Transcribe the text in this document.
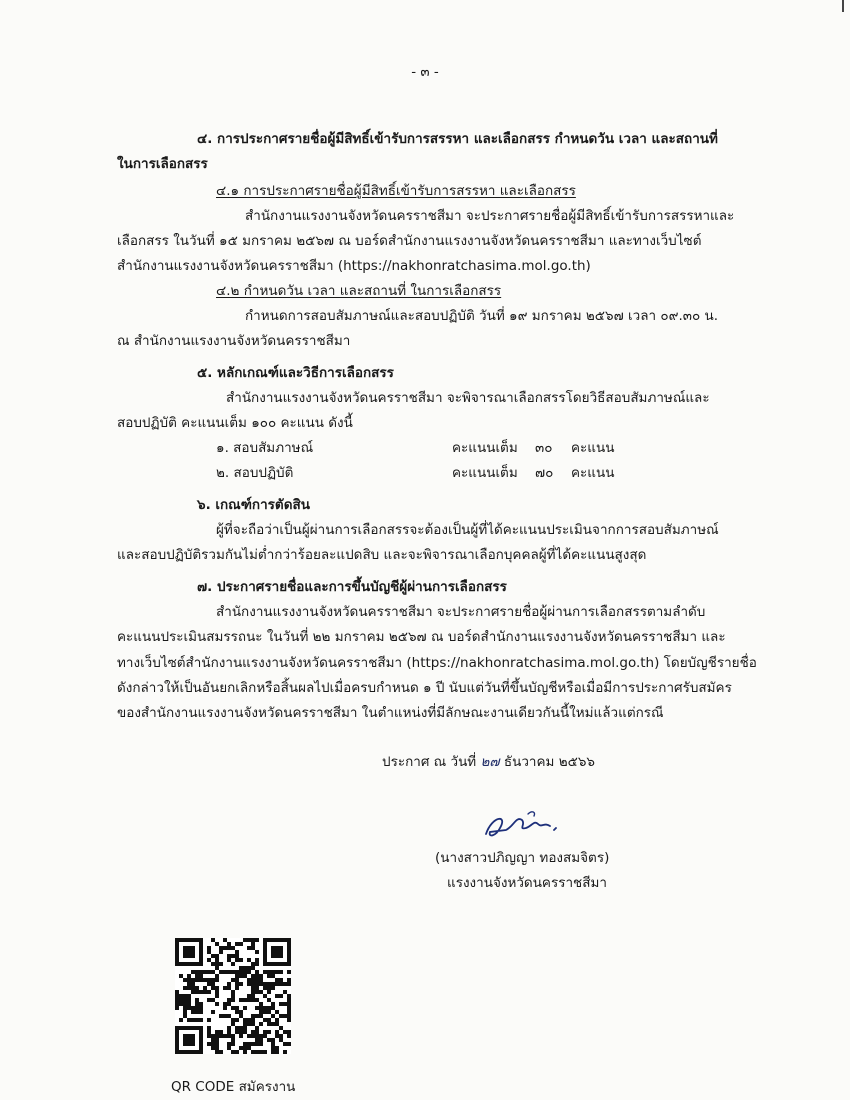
- ๓ -
๔. การประกาศรายชื่อผู้มีสิทธิ์เข้ารับการสรรหา และเลือกสรร กำหนดวัน เวลา และสถานที่
ในการเลือกสรร
๔.๑ การประกาศรายชื่อผู้มีสิทธิ์เข้ารับการสรรหา และเลือกสรร
สำนักงานแรงงานจังหวัดนครราชสีมา จะประกาศรายชื่อผู้มีสิทธิ์เข้ารับการสรรหาและ
เลือกสรร ในวันที่ ๑๕ มกราคม ๒๕๖๗ ณ บอร์ดสำนักงานแรงงานจังหวัดนครราชสีมา และทางเว็บไซต์
สำนักงานแรงงานจังหวัดนครราชสีมา (https://nakhonratchasima.mol.go.th)
๔.๒ กำหนดวัน เวลา และสถานที่ ในการเลือกสรร
กำหนดการสอบสัมภาษณ์และสอบปฏิบัติ วันที่ ๑๙ มกราคม ๒๕๖๗ เวลา ๐๙.๓๐ น.
ณ สำนักงานแรงงานจังหวัดนครราชสีมา
๕. หลักเกณฑ์และวิธีการเลือกสรร
สำนักงานแรงงานจังหวัดนครราชสีมา จะพิจารณาเลือกสรรโดยวิธีสอบสัมภาษณ์และ
สอบปฏิบัติ คะแนนเต็ม ๑๐๐ คะแนน ดังนี้
๑. สอบสัมภาษณ์	คะแนนเต็ม ๓๐ คะแนน
๒. สอบปฏิบัติ	คะแนนเต็ม ๗๐ คะแนน
๖. เกณฑ์การตัดสิน
ผู้ที่จะถือว่าเป็นผู้ผ่านการเลือกสรรจะต้องเป็นผู้ที่ได้คะแนนประเมินจากการสอบสัมภาษณ์
และสอบปฏิบัติรวมกันไม่ต่ำกว่าร้อยละแปดสิบ และจะพิจารณาเลือกบุคคลผู้ที่ได้คะแนนสูงสุด
๗. ประกาศรายชื่อและการขึ้นบัญชีผู้ผ่านการเลือกสรร
สำนักงานแรงงานจังหวัดนครราชสีมา จะประกาศรายชื่อผู้ผ่านการเลือกสรรตามลำดับ
คะแนนประเมินสมรรถนะ ในวันที่ ๒๒ มกราคม ๒๕๖๗ ณ บอร์ดสำนักงานแรงงานจังหวัดนครราชสีมา และ
ทางเว็บไซต์สำนักงานแรงงานจังหวัดนครราชสีมา (https://nakhonratchasima.mol.go.th) โดยบัญชีรายชื่อ
ดังกล่าวให้เป็นอันยกเลิกหรือสิ้นผลไปเมื่อครบกำหนด ๑ ปี นับแต่วันที่ขึ้นบัญชีหรือเมื่อมีการประกาศรับสมัคร
ของสำนักงานแรงงานจังหวัดนครราชสีมา ในตำแหน่งที่มีลักษณะงานเดียวกันนี้ใหม่แล้วแต่กรณี
ประกาศ ณ วันที่ ๒๗ ธันวาคม ๒๕๖๖
(นางสาวปภิญญา ทองสมจิตร)
แรงงานจังหวัดนครราชสีมา
QR CODE สมัครงาน
